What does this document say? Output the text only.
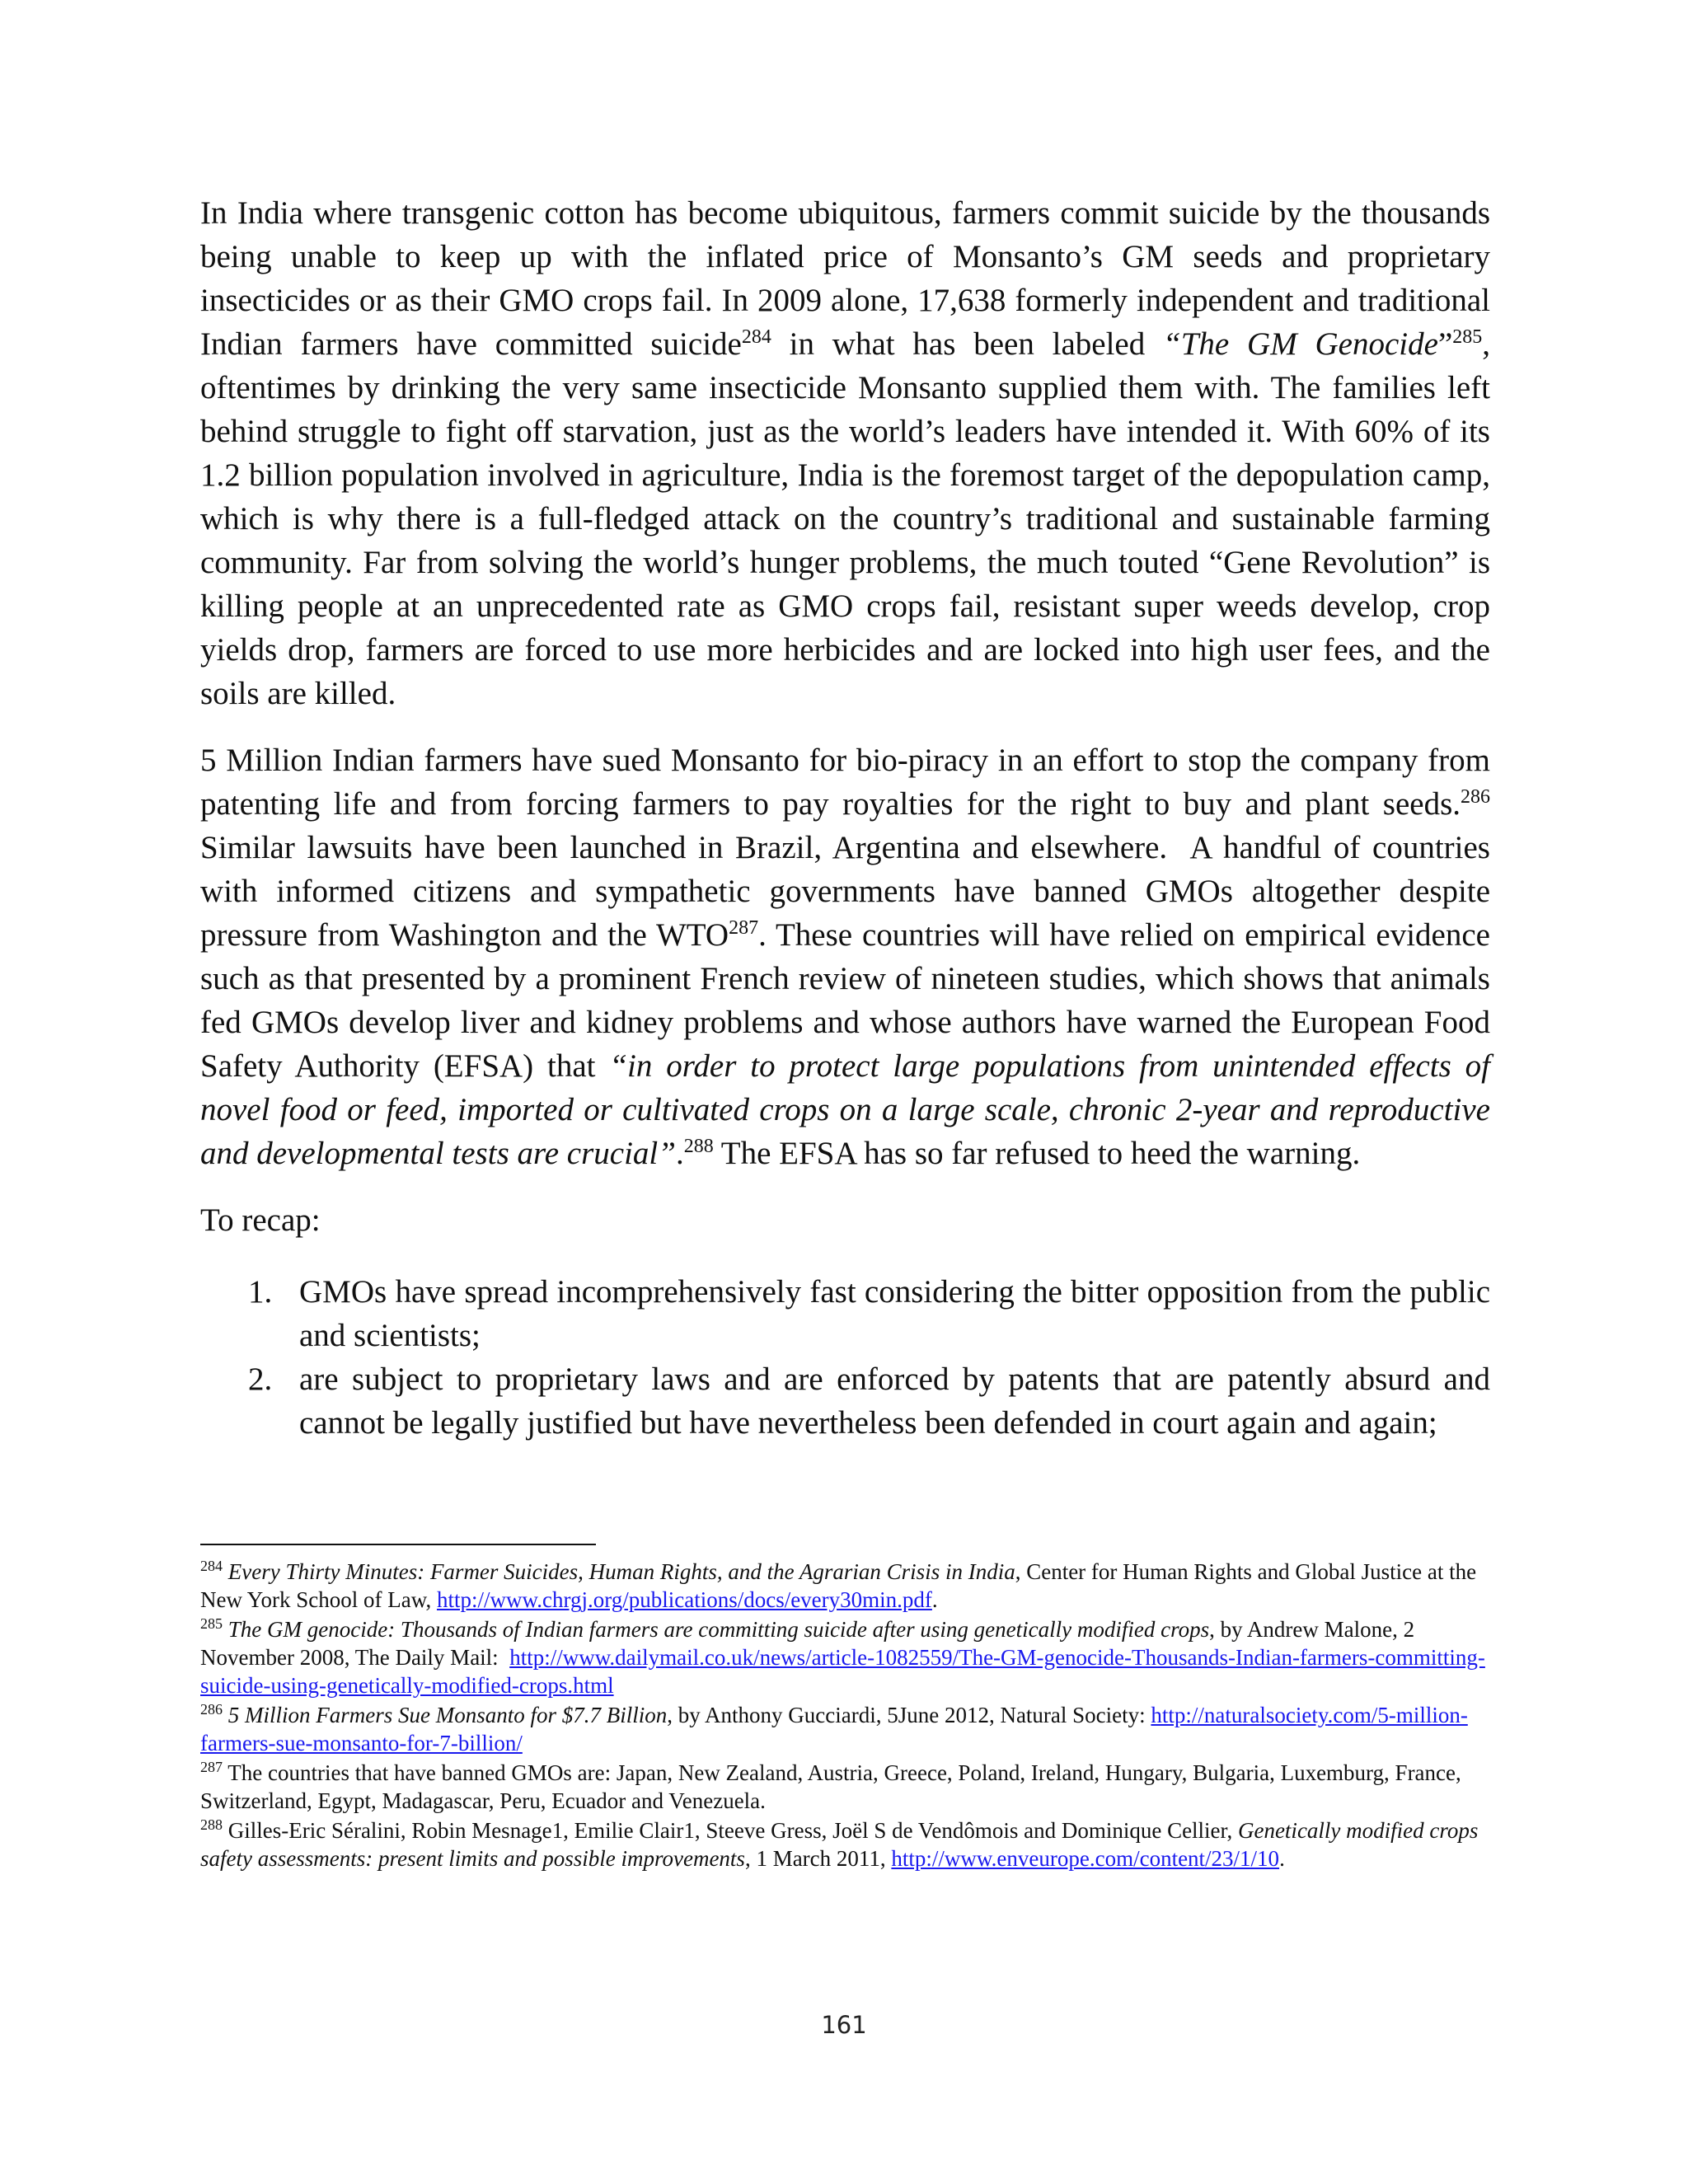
In India where transgenic cotton has become ubiquitous, farmers commit suicide by the thousands being unable to keep up with the inflated price of Monsanto’s GM seeds and proprietary insecticides or as their GMO crops fail. In 2009 alone, 17,638 formerly independent and traditional Indian farmers have committed suicide$^{284}$ in what has been labeled “The GM Genocide”$^{285}$, oftentimes by drinking the very same insecticide Monsanto supplied them with. The families left behind struggle to fight off starvation, just as the world’s leaders have intended it. With 60% of its 1.2 billion population involved in agriculture, India is the foremost target of the depopulation camp, which is why there is a full-fledged attack on the country’s traditional and sustainable farming community. Far from solving the world’s hunger problems, the much touted “Gene Revolution” is killing people at an unprecedented rate as GMO crops fail, resistant super weeds develop, crop yields drop, farmers are forced to use more herbicides and are locked into high user fees, and the soils are killed.

5 Million Indian farmers have sued Monsanto for bio-piracy in an effort to stop the company from patenting life and from forcing farmers to pay royalties for the right to buy and plant seeds.$^{286}$     Similar lawsuits have been launched in Brazil, Argentina and elsewhere.  A handful of countries with informed citizens and sympathetic governments have banned GMOs altogether despite pressure from Washington and the WTO$^{287}$. These countries will have relied on empirical evidence such as that presented by a prominent French review of nineteen studies, which shows that animals fed GMOs develop liver and kidney problems and whose authors have warned the European Food Safety Authority (EFSA) that “in order to protect large populations from unintended effects of novel food or feed, imported or cultivated crops on a large scale, chronic 2-year and reproductive and developmental tests are crucial”.$^{288}$ The EFSA has so far refused to heed the warning.

To recap:

1. GMOs have spread incomprehensively fast considering the bitter opposition from the public and scientists;
2. are subject to proprietary laws and are enforced by patents that are patently absurd and cannot be legally justified but have nevertheless been defended in court again and again;

$^{284}$ Every Thirty Minutes: Farmer Suicides, Human Rights, and the Agrarian Crisis in India, Center for Human Rights and Global Justice at the New York School of Law, http://www.chrgj.org/publications/docs/every30min.pdf.

$^{285}$ The GM genocide: Thousands of Indian farmers are committing suicide after using genetically modified crops, by Andrew Malone, 2 November 2008, The Daily Mail:  http://www.dailymail.co.uk/news/article-1082559/The-GM-genocide-Thousands-Indian-farmers-committing-suicide-using-genetically-modified-crops.html

$^{286}$ 5 Million Farmers Sue Monsanto for $7.7 Billion, by Anthony Gucciardi, 5June 2012, Natural Society: http://naturalsociety.com/5-million-farmers-sue-monsanto-for-7-billion/

$^{287}$ The countries that have banned GMOs are: Japan, New Zealand, Austria, Greece, Poland, Ireland, Hungary, Bulgaria, Luxemburg, France, Switzerland, Egypt, Madagascar, Peru, Ecuador and Venezuela.

$^{288}$ Gilles-Eric Séralini, Robin Mesnage1, Emilie Clair1, Steeve Gress, Joël S de Vendômois and Dominique Cellier, Genetically modified crops safety assessments: present limits and possible improvements, 1 March 2011, http://www.enveurope.com/content/23/1/10.

161
